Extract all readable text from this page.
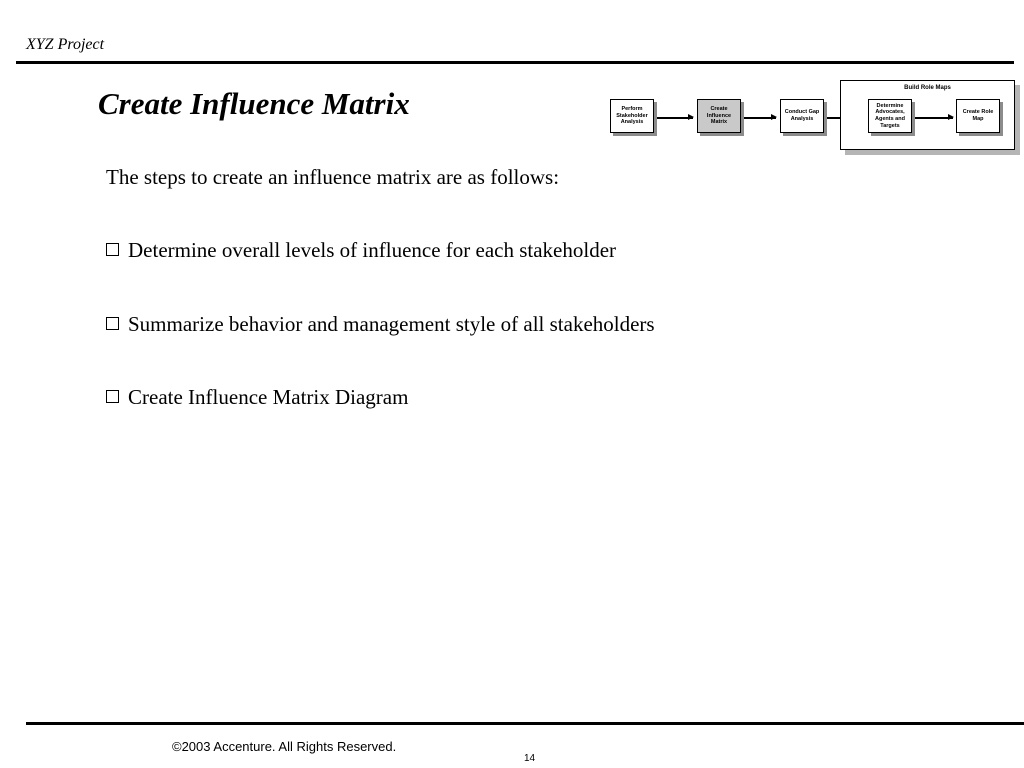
XYZ Project
Create Influence Matrix	Perform Stakeholder Analysis
Create Influence Matrix
Conduct Gap Analysis
Build Role Maps
Determine Advocates, Agents and Targets
Create Role Map
The steps to create an influence matrix are as follows:
Determine overall levels of influence for each stakeholder
Summarize behavior and management style of all stakeholders
Create Influence Matrix Diagram
©2003 Accenture. All Rights Reserved.
14
